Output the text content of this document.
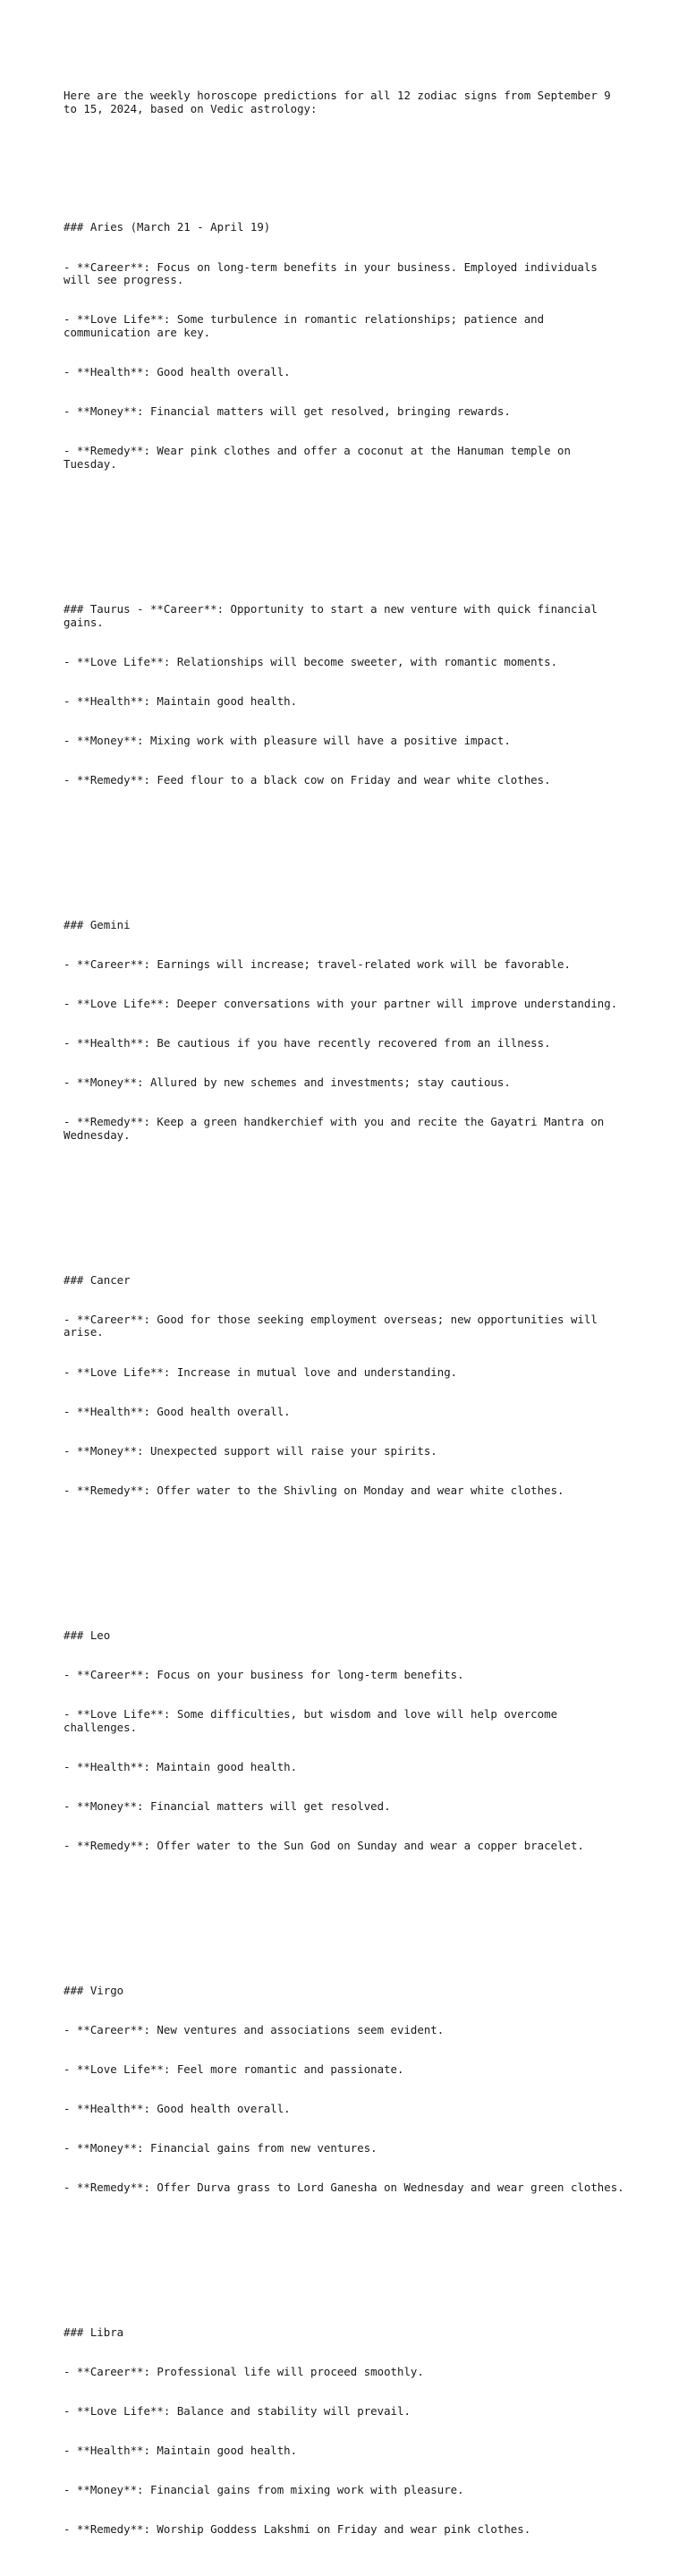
Here are the weekly horoscope predictions for all 12 zodiac signs from September 9 to 15, 2024, based on Vedic astrology:

### Aries (March 21 - April 19)

- **Career**: Focus on long-term benefits in your business. Employed individuals will see progress.

- **Love Life**: Some turbulence in romantic relationships; patience and communication are key.

- **Health**: Good health overall.

- **Money**: Financial matters will get resolved, bringing rewards.

- **Remedy**: Wear pink clothes and offer a coconut at the Hanuman temple on Tuesday.

### Taurus - **Career**: Opportunity to start a new venture with quick financial gains.

- **Love Life**: Relationships will become sweeter, with romantic moments.

- **Health**: Maintain good health.

- **Money**: Mixing work with pleasure will have a positive impact.

- **Remedy**: Feed flour to a black cow on Friday and wear white clothes.

### Gemini

- **Career**: Earnings will increase; travel-related work will be favorable.

- **Love Life**: Deeper conversations with your partner will improve understanding.

- **Health**: Be cautious if you have recently recovered from an illness.

- **Money**: Allured by new schemes and investments; stay cautious.

- **Remedy**: Keep a green handkerchief with you and recite the Gayatri Mantra on Wednesday.

### Cancer

- **Career**: Good for those seeking employment overseas; new opportunities will arise.

- **Love Life**: Increase in mutual love and understanding.

- **Health**: Good health overall.

- **Money**: Unexpected support will raise your spirits.

- **Remedy**: Offer water to the Shivling on Monday and wear white clothes.

### Leo

- **Career**: Focus on your business for long-term benefits.

- **Love Life**: Some difficulties, but wisdom and love will help overcome challenges.

- **Health**: Maintain good health.

- **Money**: Financial matters will get resolved.

- **Remedy**: Offer water to the Sun God on Sunday and wear a copper bracelet.

### Virgo

- **Career**: New ventures and associations seem evident.

- **Love Life**: Feel more romantic and passionate.

- **Health**: Good health overall.

- **Money**: Financial gains from new ventures.

- **Remedy**: Offer Durva grass to Lord Ganesha on Wednesday and wear green clothes.

### Libra

- **Career**: Professional life will proceed smoothly.

- **Love Life**: Balance and stability will prevail.

- **Health**: Maintain good health.

- **Money**: Financial gains from mixing work with pleasure.

- **Remedy**: Worship Goddess Lakshmi on Friday and wear pink clothes.
